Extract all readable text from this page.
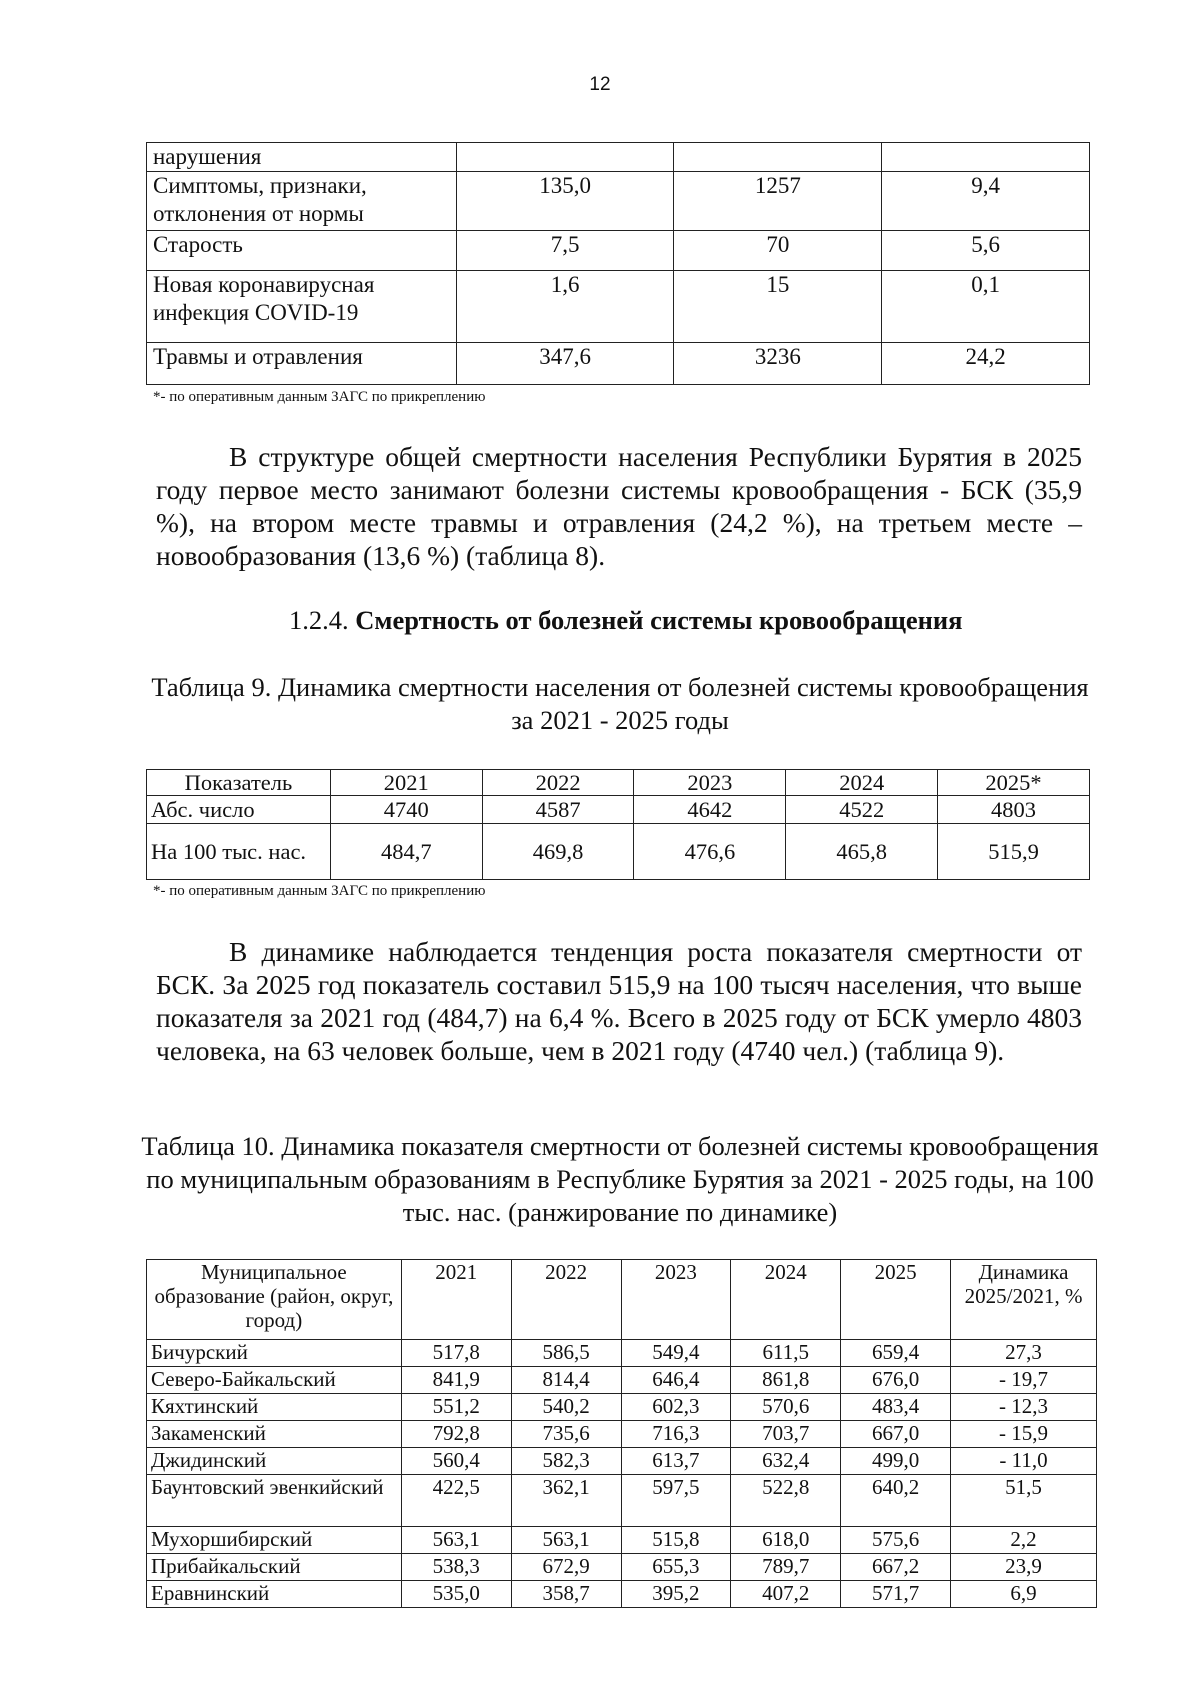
12
нарушения			
Симптомы, признаки, отклонения от нормы	135,0	1257	9,4
Старость	7,5	70	5,6
Новая коронавирусная инфекция COVID-19	1,6	15	0,1
Травмы и отравления	347,6	3236	24,2
*- по оперативным данным ЗАГС по прикреплению

В структуре общей смертности населения Республики Бурятия в 2025 году первое место занимают болезни системы кровообращения - БСК (35,9 %), на втором месте травмы и отравления (24,2 %), на третьем месте – новообразования (13,6 %) (таблица 8).

1.2.4. Смертность от болезней системы кровообращения

Таблица 9. Динамика смертности населения от болезней системы кровообращения за 2021 - 2025 годы

Показатель	2021	2022	2023	2024	2025*
Абс. число	4740	4587	4642	4522	4803
На 100 тыс. нас.	484,7	469,8	476,6	465,8	515,9
*- по оперативным данным ЗАГС по прикреплению

В динамике наблюдается тенденция роста показателя смертности от БСК. За 2025 год показатель составил 515,9 на 100 тысяч населения, что выше показателя за 2021 год (484,7) на 6,4 %. Всего в 2025 году от БСК умерло 4803 человека, на 63 человек больше, чем в 2021 году (4740 чел.) (таблица 9).

Таблица 10. Динамика показателя смертности от болезней системы кровообращения по муниципальным образованиям в Республике Бурятия за 2021 - 2025 годы, на 100 тыс. нас. (ранжирование по динамике)

Муниципальное образование (район, округ, город)	2021	2022	2023	2024	2025	Динамика 2025/2021, %
Бичурский	517,8	586,5	549,4	611,5	659,4	27,3
Северо-Байкальский	841,9	814,4	646,4	861,8	676,0	- 19,7
Кяхтинский	551,2	540,2	602,3	570,6	483,4	- 12,3
Закаменский	792,8	735,6	716,3	703,7	667,0	- 15,9
Джидинский	560,4	582,3	613,7	632,4	499,0	- 11,0
Баунтовский эвенкийский	422,5	362,1	597,5	522,8	640,2	51,5
Мухоршибирский	563,1	563,1	515,8	618,0	575,6	2,2
Прибайкальский	538,3	672,9	655,3	789,7	667,2	23,9
Еравнинский	535,0	358,7	395,2	407,2	571,7	6,9
